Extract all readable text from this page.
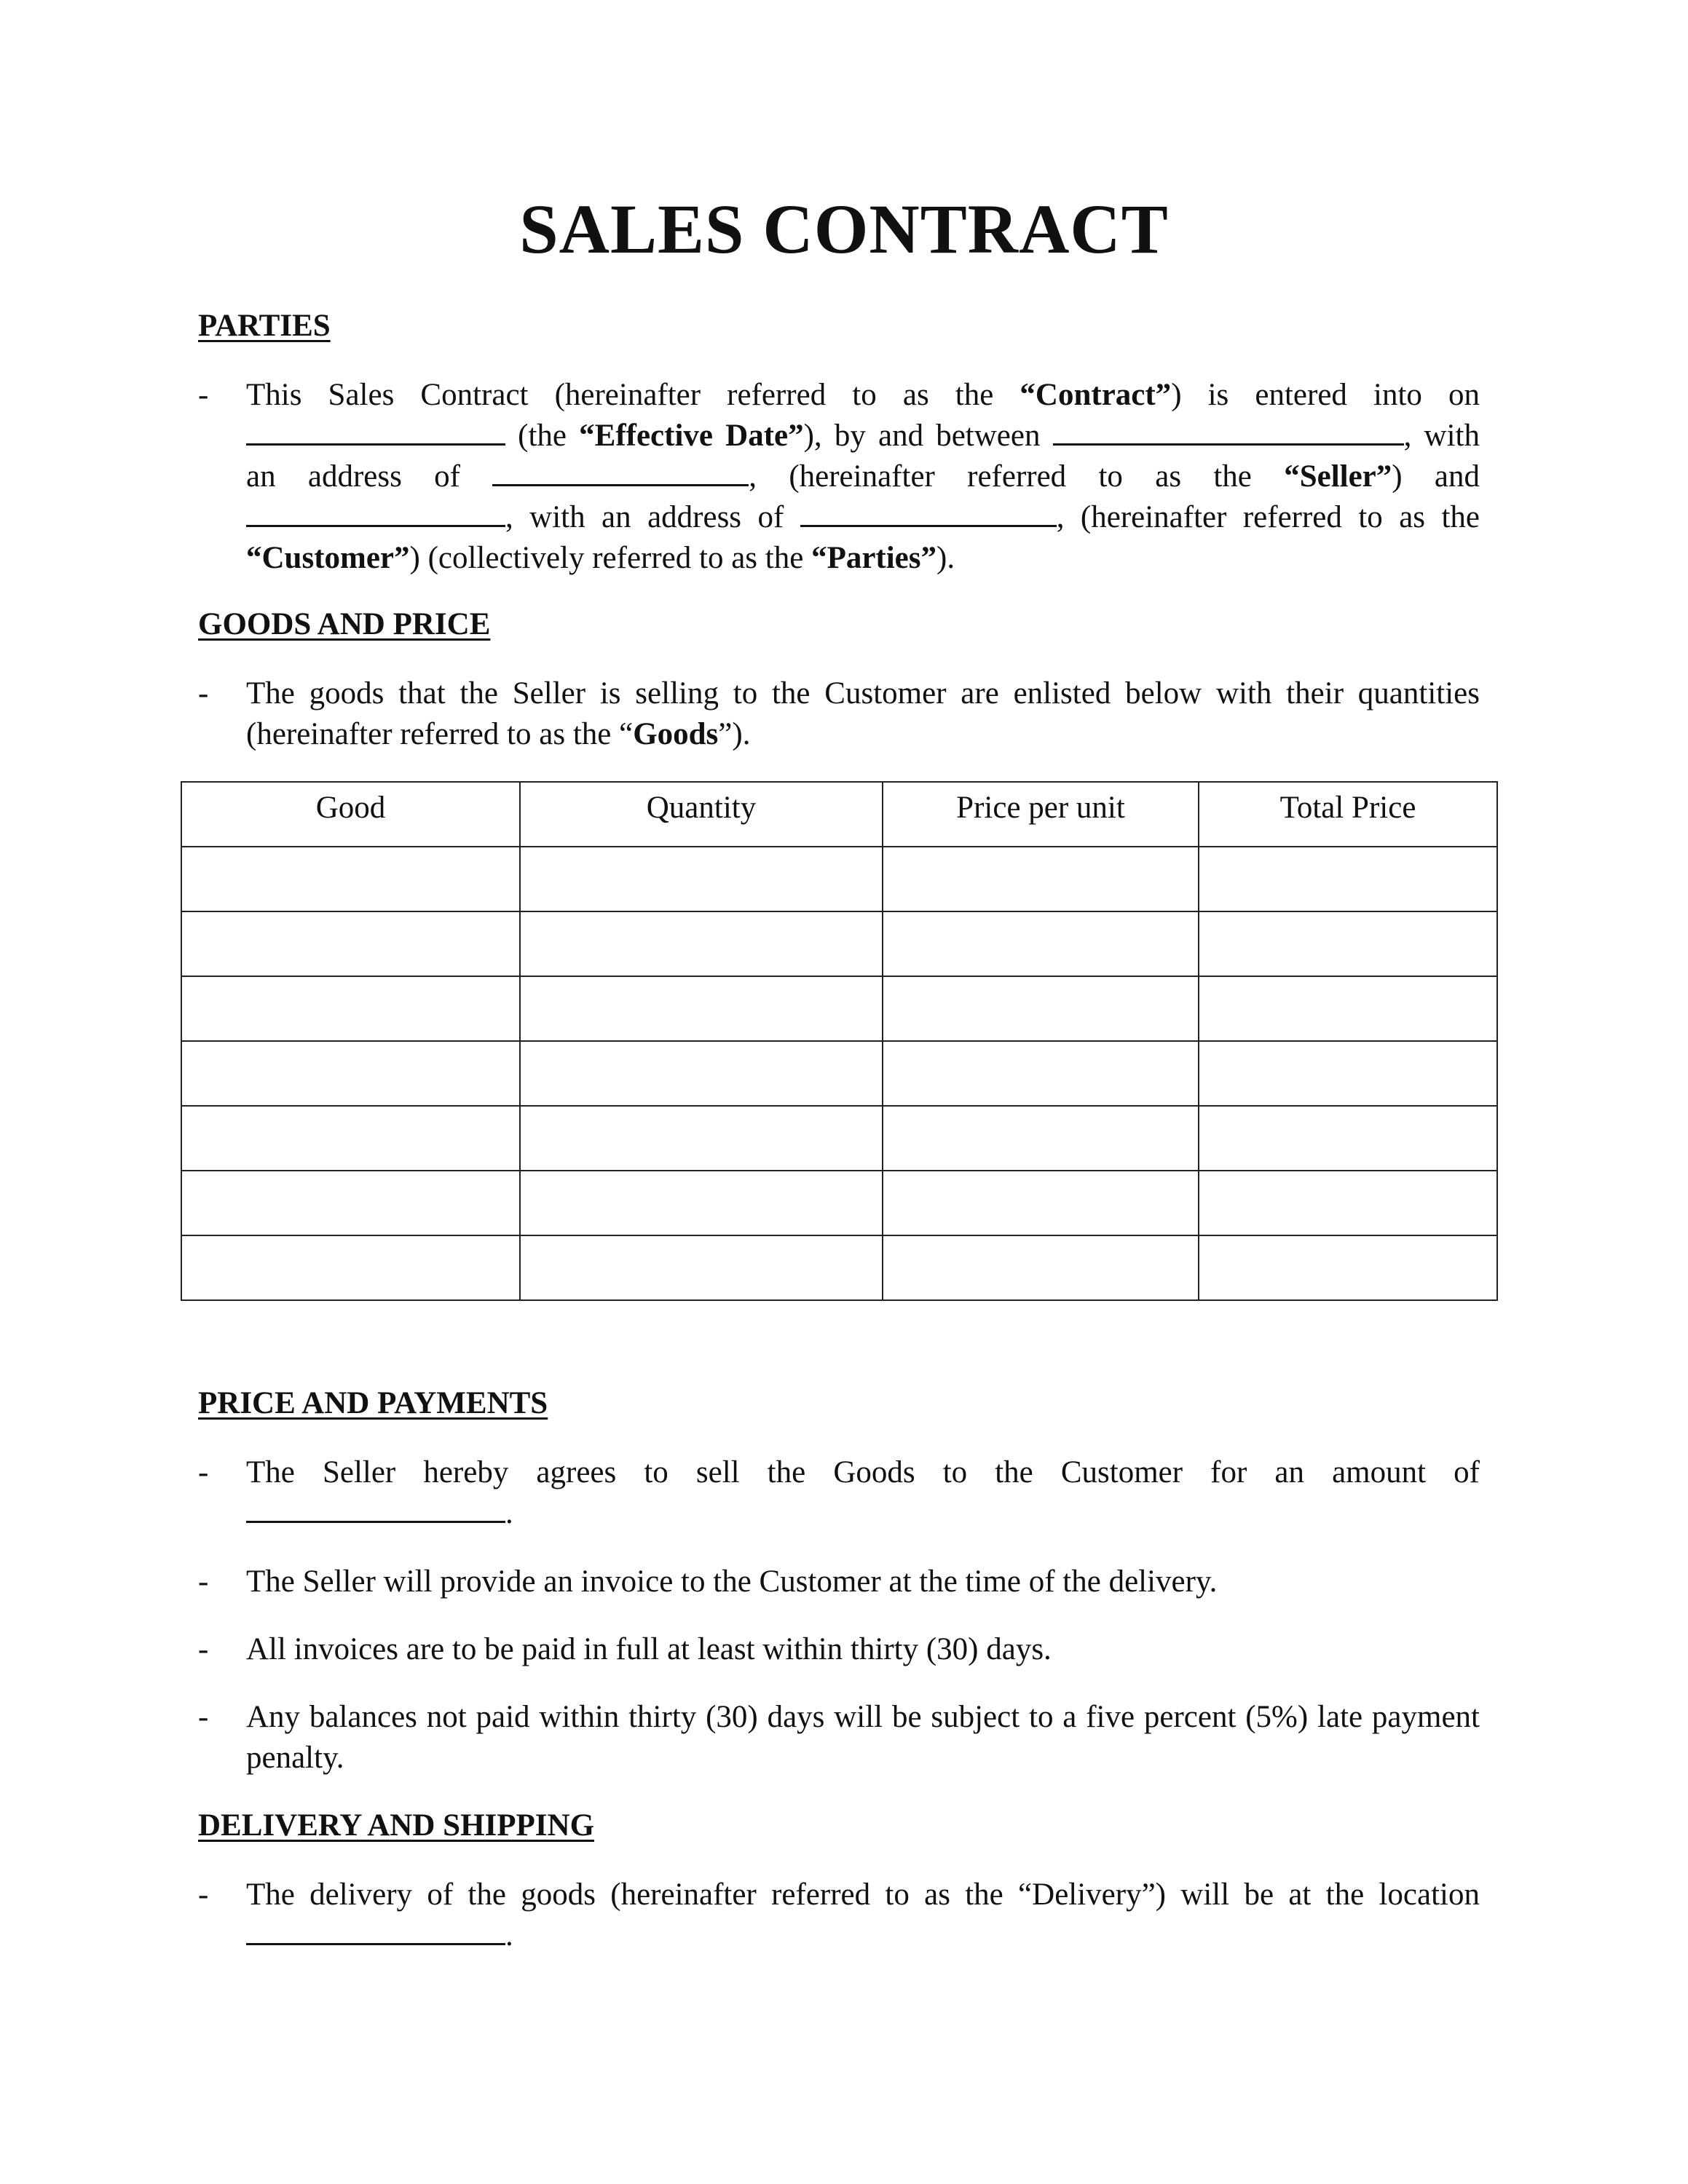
SALES CONTRACT
PARTIES
- This Sales Contract (hereinafter referred to as the “Contract”) is entered into on  (the “Effective Date”), by and between	, with an address of	, (hereinafter referred to as the “Seller”) and , with an address of	, (hereinafter referred to as the “Customer”) (collectively referred to as the “Parties”).
GOODS AND PRICE
- The goods that the Seller is selling to the Customer are enlisted below with their quantities (hereinafter referred to as the “Goods”).
Good	Quantity	Price per unit	Total Price

PRICE AND PAYMENTS
- The Seller hereby agrees to sell the Goods to the Customer for an amount of
.
- The Seller will provide an invoice to the Customer at the time of the delivery.
- All invoices are to be paid in full at least within thirty (30) days.
- Any balances not paid within thirty (30) days will be subject to a five percent (5%) late payment penalty.
DELIVERY AND SHIPPING
- The delivery of the goods (hereinafter referred to as the “Delivery”) will be at the location
.
